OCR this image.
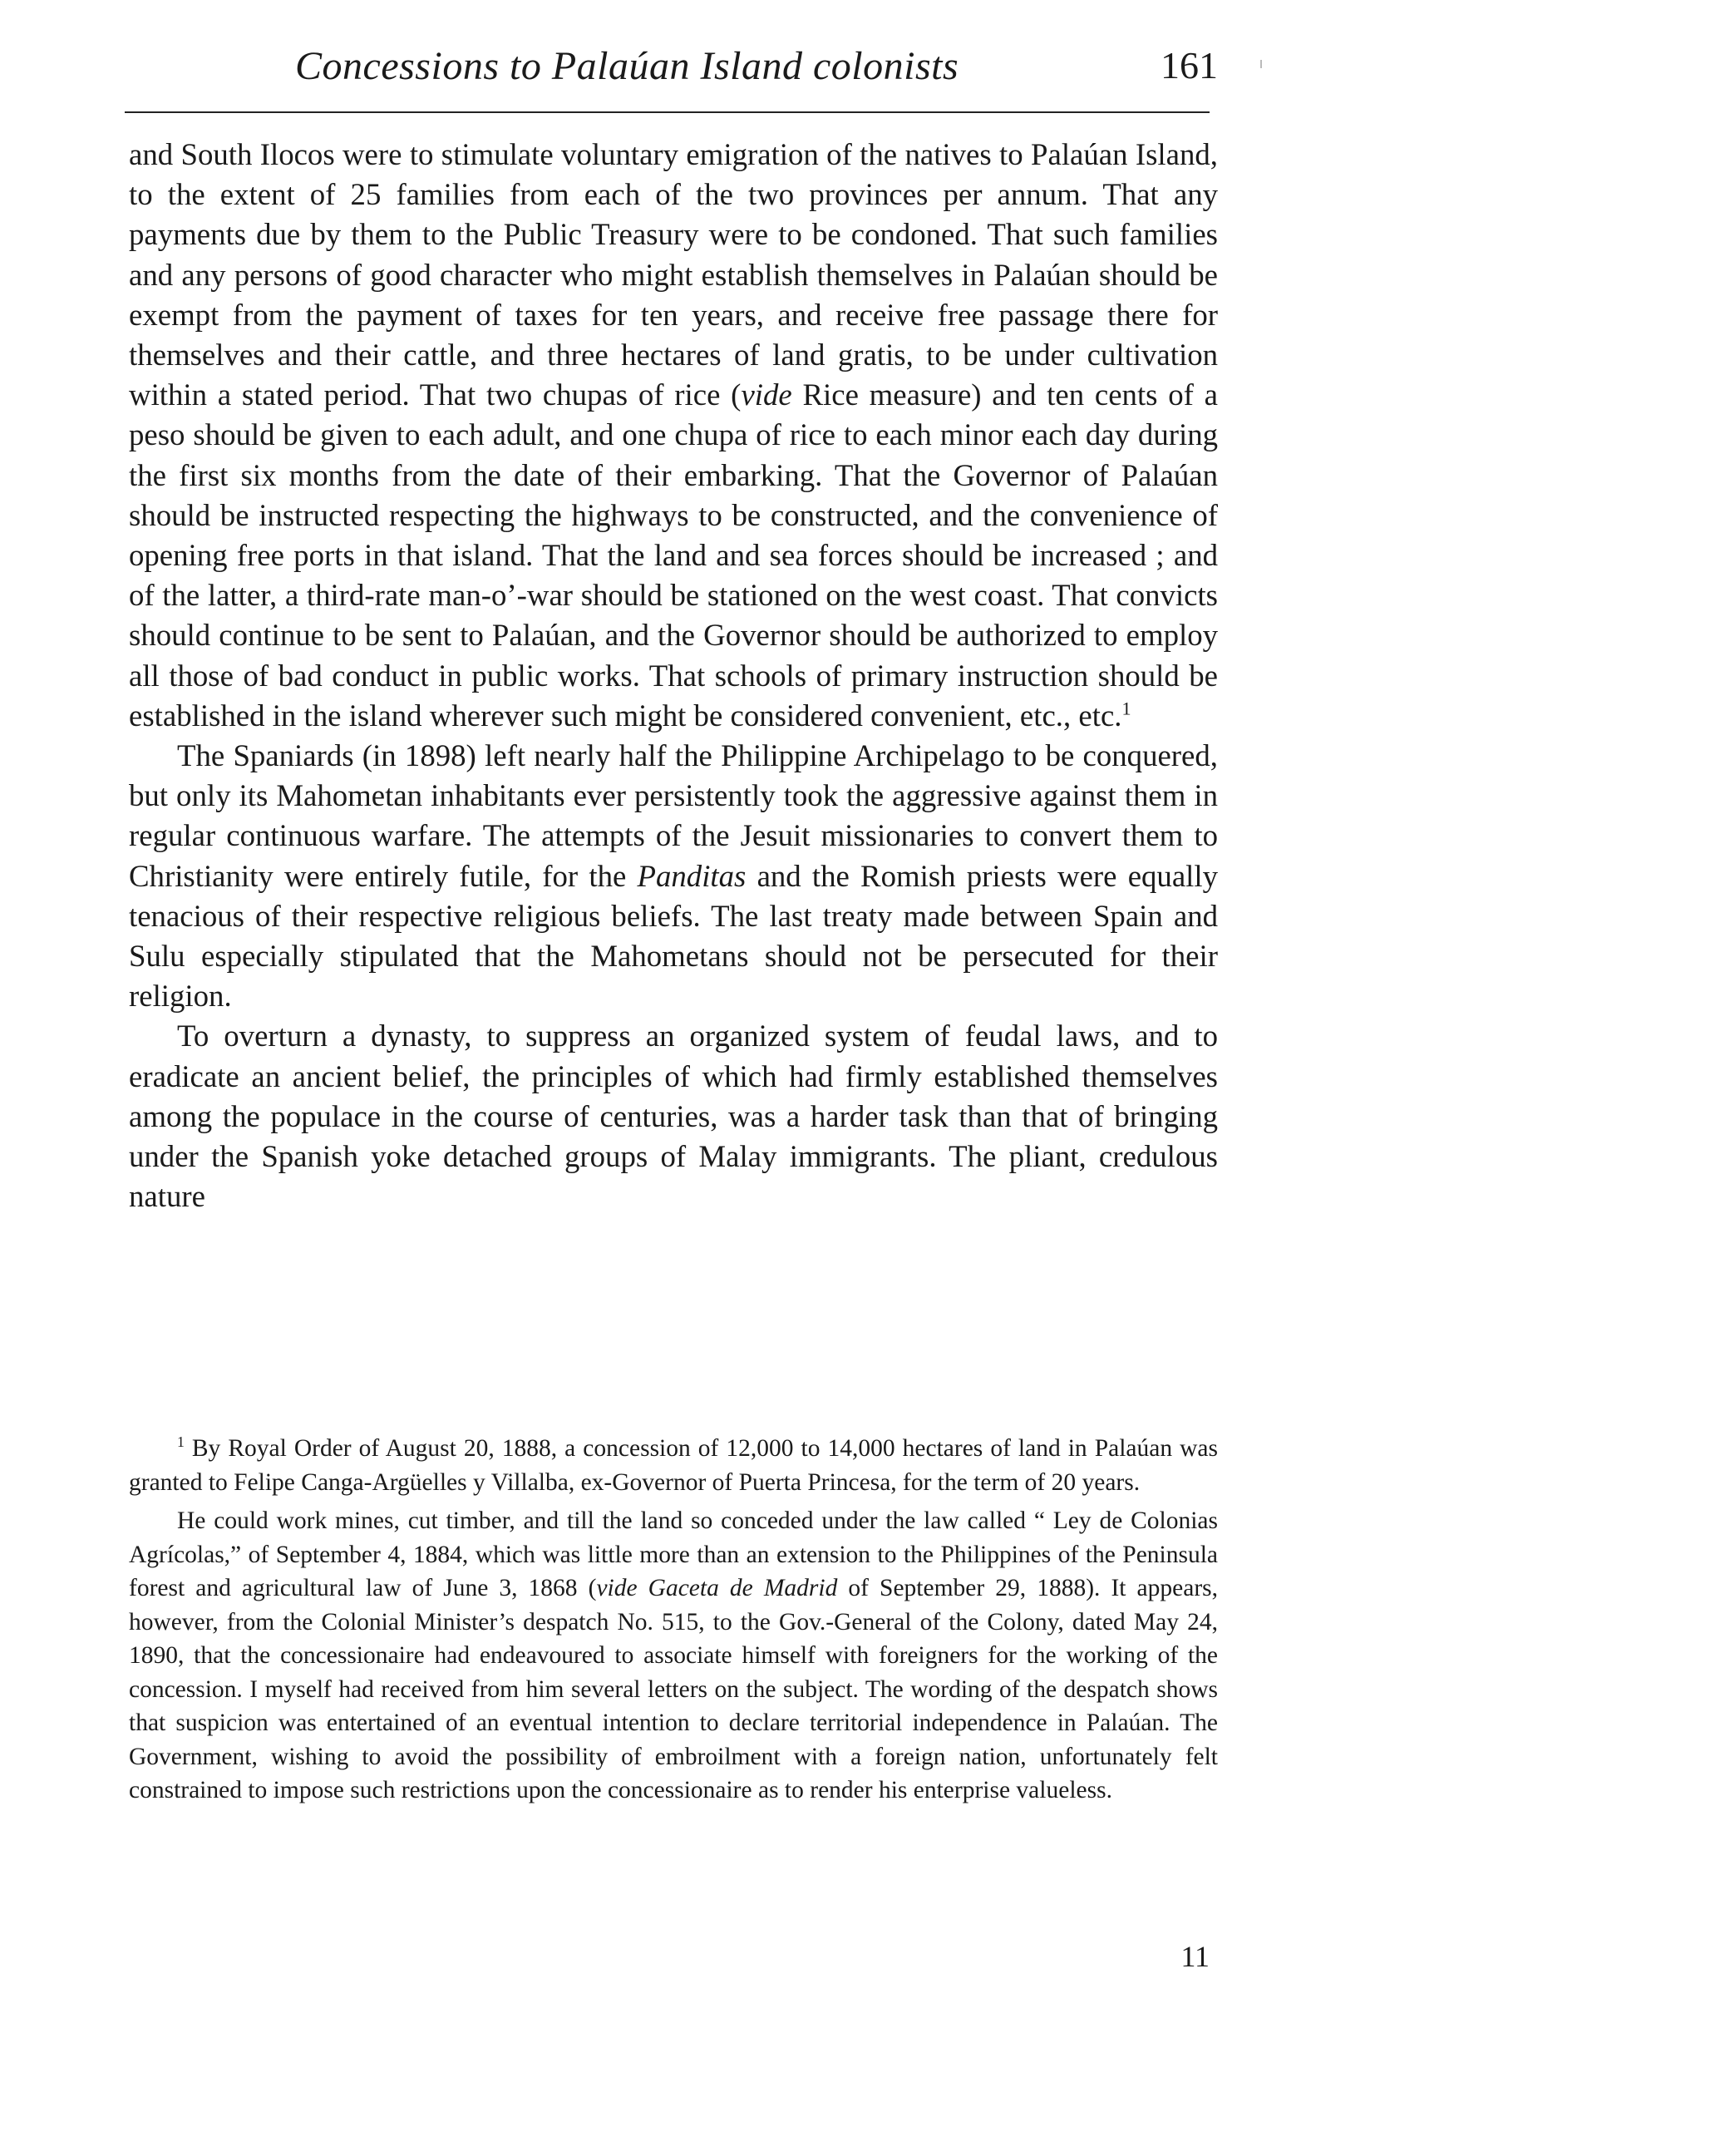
Concessions to Palaúan Island colonists	161

and South Ilocos were to stimulate voluntary emigration of the natives to Palaúan Island, to the extent of 25 families from each of the two provinces per annum. That any payments due by them to the Public Treasury were to be condoned. That such families and any persons of good character who might establish themselves in Palaúan should be exempt from the payment of taxes for ten years, and receive free passage there for themselves and their cattle, and three hectares of land gratis, to be under cultivation within a stated period. That two chupas of rice (vide Rice measure) and ten cents of a peso should be given to each adult, and one chupa of rice to each minor each day during the first six months from the date of their embarking. That the Governor of Palaúan should be instructed respecting the highways to be constructed, and the convenience of opening free ports in that island. That the land and sea forces should be increased ; and of the latter, a third-rate man-o’-war should be stationed on the west coast. That convicts should continue to be sent to Palaúan, and the Governor should be authorized to employ all those of bad conduct in public works. That schools of primary instruction should be established in the island wherever such might be considered convenient, etc., etc.$^1$

The Spaniards (in 1898) left nearly half the Philippine Archipelago to be conquered, but only its Mahometan inhabitants ever persistently took the aggressive against them in regular continuous warfare. The attempts of the Jesuit missionaries to convert them to Christianity were entirely futile, for the Panditas and the Romish priests were equally tenacious of their respective religious beliefs. The last treaty made between Spain and Sulu especially stipulated that the Mahometans should not be persecuted for their religion.

To overturn a dynasty, to suppress an organized system of feudal laws, and to eradicate an ancient belief, the principles of which had firmly established themselves among the populace in the course of centuries, was a harder task than that of bringing under the Spanish yoke detached groups of Malay immigrants. The pliant, credulous nature

$^1$ By Royal Order of August 20, 1888, a concession of 12,000 to 14,000 hectares of land in Palaúan was granted to Felipe Canga-Argüelles y Villalba, ex-Governor of Puerta Princesa, for the term of 20 years.

He could work mines, cut timber, and till the land so conceded under the law called “ Ley de Colonias Agrícolas,” of September 4, 1884, which was little more than an extension to the Philippines of the Peninsula forest and agricultural law of June 3, 1868 (vide Gaceta de Madrid of September 29, 1888). It appears, however, from the Colonial Minister’s despatch No. 515, to the Gov.-General of the Colony, dated May 24, 1890, that the concessionaire had endeavoured to associate himself with foreigners for the working of the concession. I myself had received from him several letters on the subject. The wording of the despatch shows that suspicion was entertained of an eventual intention to declare territorial independence in Palaúan. The Government, wishing to avoid the possibility of embroilment with a foreign nation, unfortunately felt constrained to impose such restrictions upon the concessionaire as to render his enterprise valueless.

11
